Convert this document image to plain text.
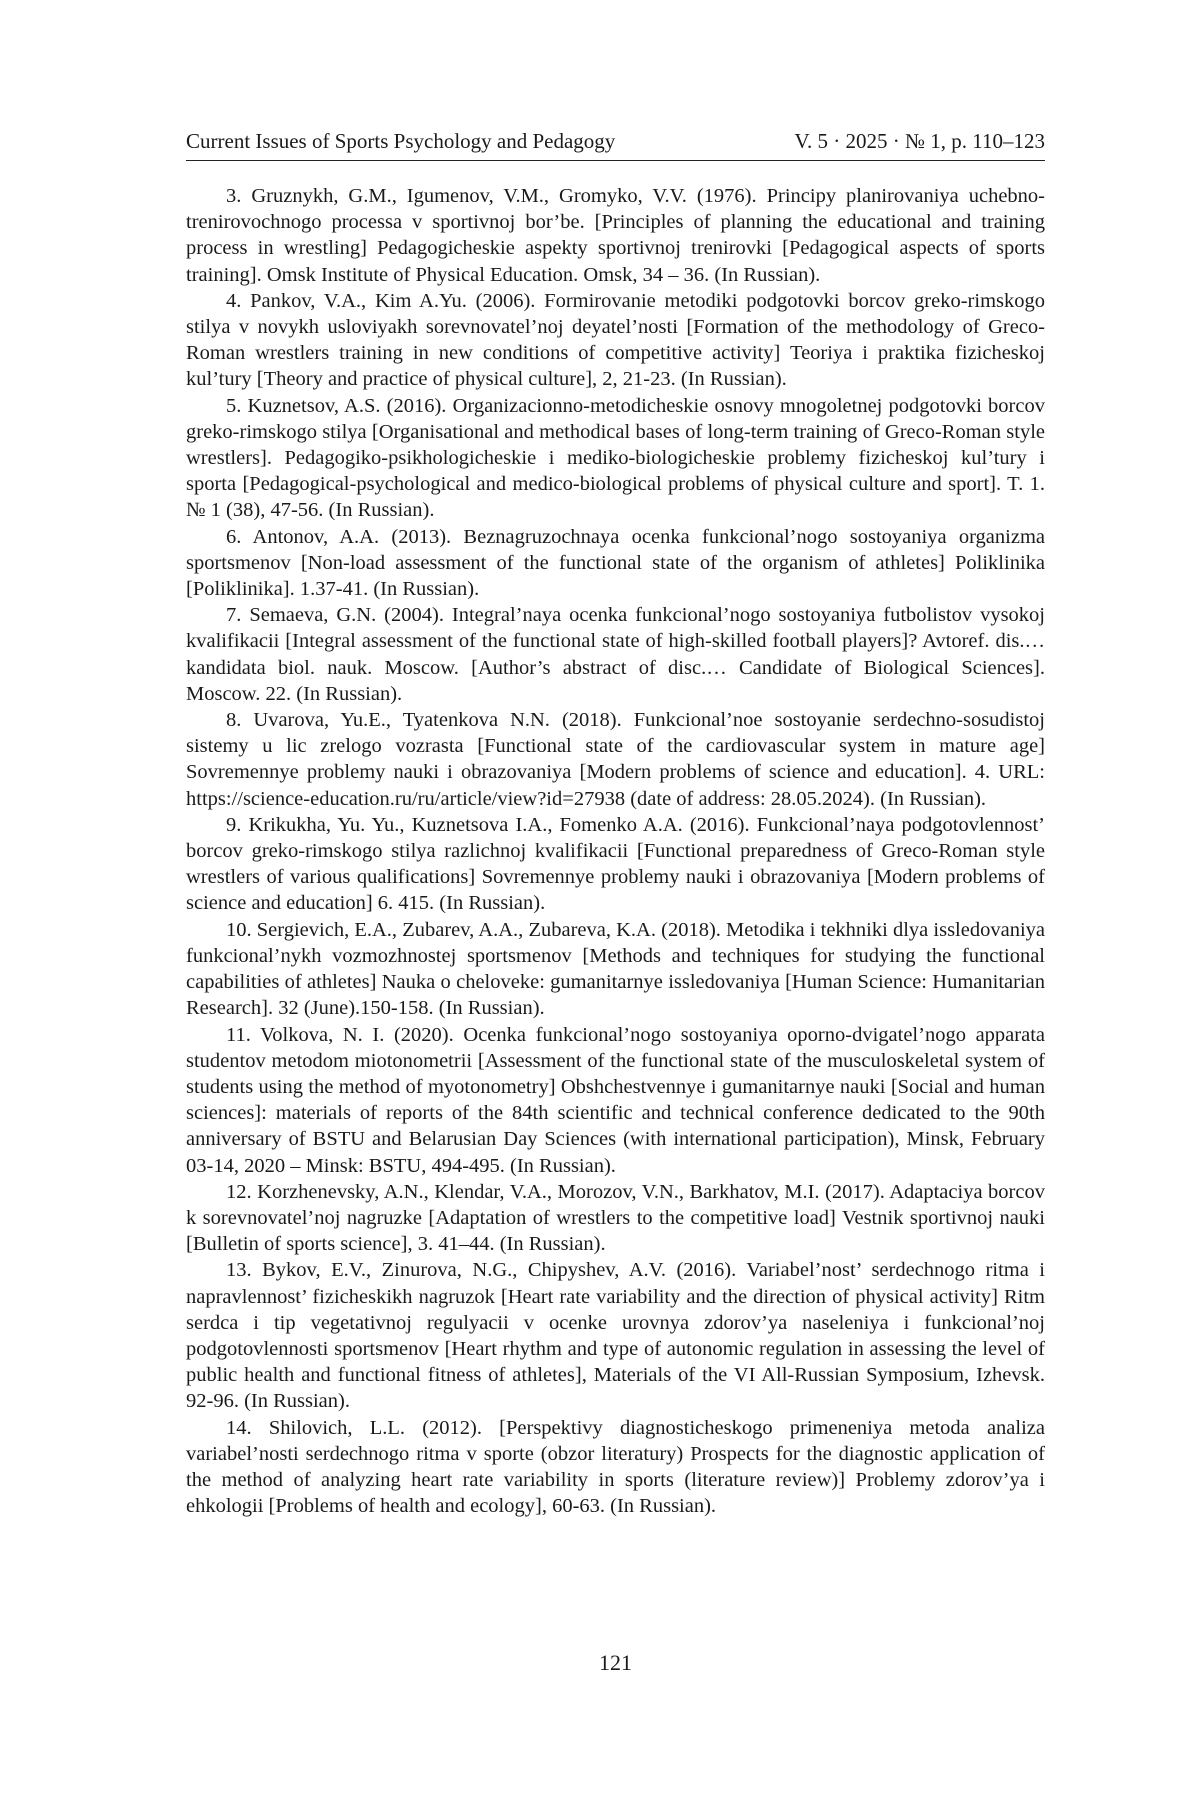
Current Issues of Sports Psychology and Pedagogy	V. 5 · 2025 · № 1, p. 110–123
3. Gruznykh, G.M., Igumenov, V.M., Gromyko, V.V. (1976). Principy planirovaniya uchebno-trenirovochnogo processa v sportivnoj bor’be. [Principles of planning the educational and training process in wrestling] Pedagogicheskie aspekty sportivnoj trenirovki [Pedagogical aspects of sports training]. Omsk Institute of Physical Education. Omsk, 34 – 36. (In Russian).
4. Pankov, V.A., Kim A.Yu. (2006). Formirovanie metodiki podgotovki borcov greko-rimskogo stilya v novykh usloviyakh sorevnovatel’noj deyatel’nosti [Formation of the methodology of Greco-Roman wrestlers training in new conditions of competitive activity] Teoriya i praktika fizicheskoj kul’tury [Theory and practice of physical culture], 2, 21-23. (In Russian).
5. Kuznetsov, A.S. (2016). Organizacionno-metodicheskie osnovy mnogoletnej podgotovki borcov greko-rimskogo stilya [Organisational and methodical bases of long-term training of Greco-Roman style wrestlers]. Pedagogiko-psikhologicheskie i mediko-biologicheskie problemy fizicheskoj kul’tury i sporta [Pedagogical-psychological and medico-biological problems of physical culture and sport]. T. 1. № 1 (38), 47-56. (In Russian).
6. Antonov, A.A. (2013). Beznagruzochnaya ocenka funkcional’nogo sostoyaniya organizma sportsmenov [Non-load assessment of the functional state of the organism of athletes] Poliklinika [Poliklinika]. 1.37-41. (In Russian).
7. Semaeva, G.N. (2004). Integral’naya ocenka funkcional’nogo sostoyaniya futbolistov vysokoj kvalifikacii [Integral assessment of the functional state of high-skilled football players]? Avtoref. dis.… kandidata biol. nauk. Moscow. [Author’s abstract of disc.… Candidate of Biological Sciences]. Moscow. 22. (In Russian).
8. Uvarova, Yu.E., Tyatenkova N.N. (2018). Funkcional’noe sostoyanie serdechno-sosudistoj sistemy u lic zrelogo vozrasta [Functional state of the cardiovascular system in mature age] Sovremennye problemy nauki i obrazovaniya [Modern problems of science and education]. 4. URL: https://science-education.ru/ru/article/view?id=27938 (date of address: 28.05.2024). (In Russian).
9. Krikukha, Yu. Yu., Kuznetsova I.A., Fomenko A.A. (2016). Funkcional’naya podgotovlennost’ borcov greko-rimskogo stilya razlichnoj kvalifikacii [Functional preparedness of Greco-Roman style wrestlers of various qualifications] Sovremennye problemy nauki i obrazovaniya [Modern problems of science and education] 6. 415. (In Russian).
10. Sergievich, E.A., Zubarev, A.A., Zubareva, K.A. (2018). Metodika i tekhniki dlya issledovaniya funkcional’nykh vozmozhnostej sportsmenov [Methods and techniques for studying the functional capabilities of athletes] Nauka o cheloveke: gumanitarnye issledovaniya [Human Science: Humanitarian Research]. 32 (June).150-158. (In Russian).
11. Volkova, N. I. (2020). Ocenka funkcional’nogo sostoyaniya oporno-dvigatel’nogo apparata studentov metodom miotonometrii [Assessment of the functional state of the musculoskeletal system of students using the method of myotonometry] Obshchestvennye i gumanitarnye nauki [Social and human sciences]: materials of reports of the 84th scientific and technical conference dedicated to the 90th anniversary of BSTU and Belarusian Day Sciences (with international participation), Minsk, February 03-14, 2020 – Minsk: BSTU, 494-495. (In Russian).
12. Korzhenevsky, A.N., Klendar, V.A., Morozov, V.N., Barkhatov, M.I. (2017). Adaptaciya borcov k sorevnovatel’noj nagruzke [Adaptation of wrestlers to the competitive load] Vestnik sportivnoj nauki [Bulletin of sports science], 3. 41–44. (In Russian).
13. Bykov, E.V., Zinurova, N.G., Chipyshev, A.V. (2016). Variabel’nost’ serdechnogo ritma i napravlennost’ fizicheskikh nagruzok [Heart rate variability and the direction of physical activity] Ritm serdca i tip vegetativnoj regulyacii v ocenke urovnya zdorov’ya naseleniya i funkcional’noj podgotovlennosti sportsmenov [Heart rhythm and type of autonomic regulation in assessing the level of public health and functional fitness of athletes], Materials of the VI All-Russian Symposium, Izhevsk. 92-96. (In Russian).
14. Shilovich, L.L. (2012). [Perspektivy diagnosticheskogo primeneniya metoda analiza variabel’nosti serdechnogo ritma v sporte (obzor literatury) Prospects for the diagnostic application of the method of analyzing heart rate variability in sports (literature review)] Problemy zdorov’ya i ehkologii [Problems of health and ecology], 60-63. (In Russian).
121
